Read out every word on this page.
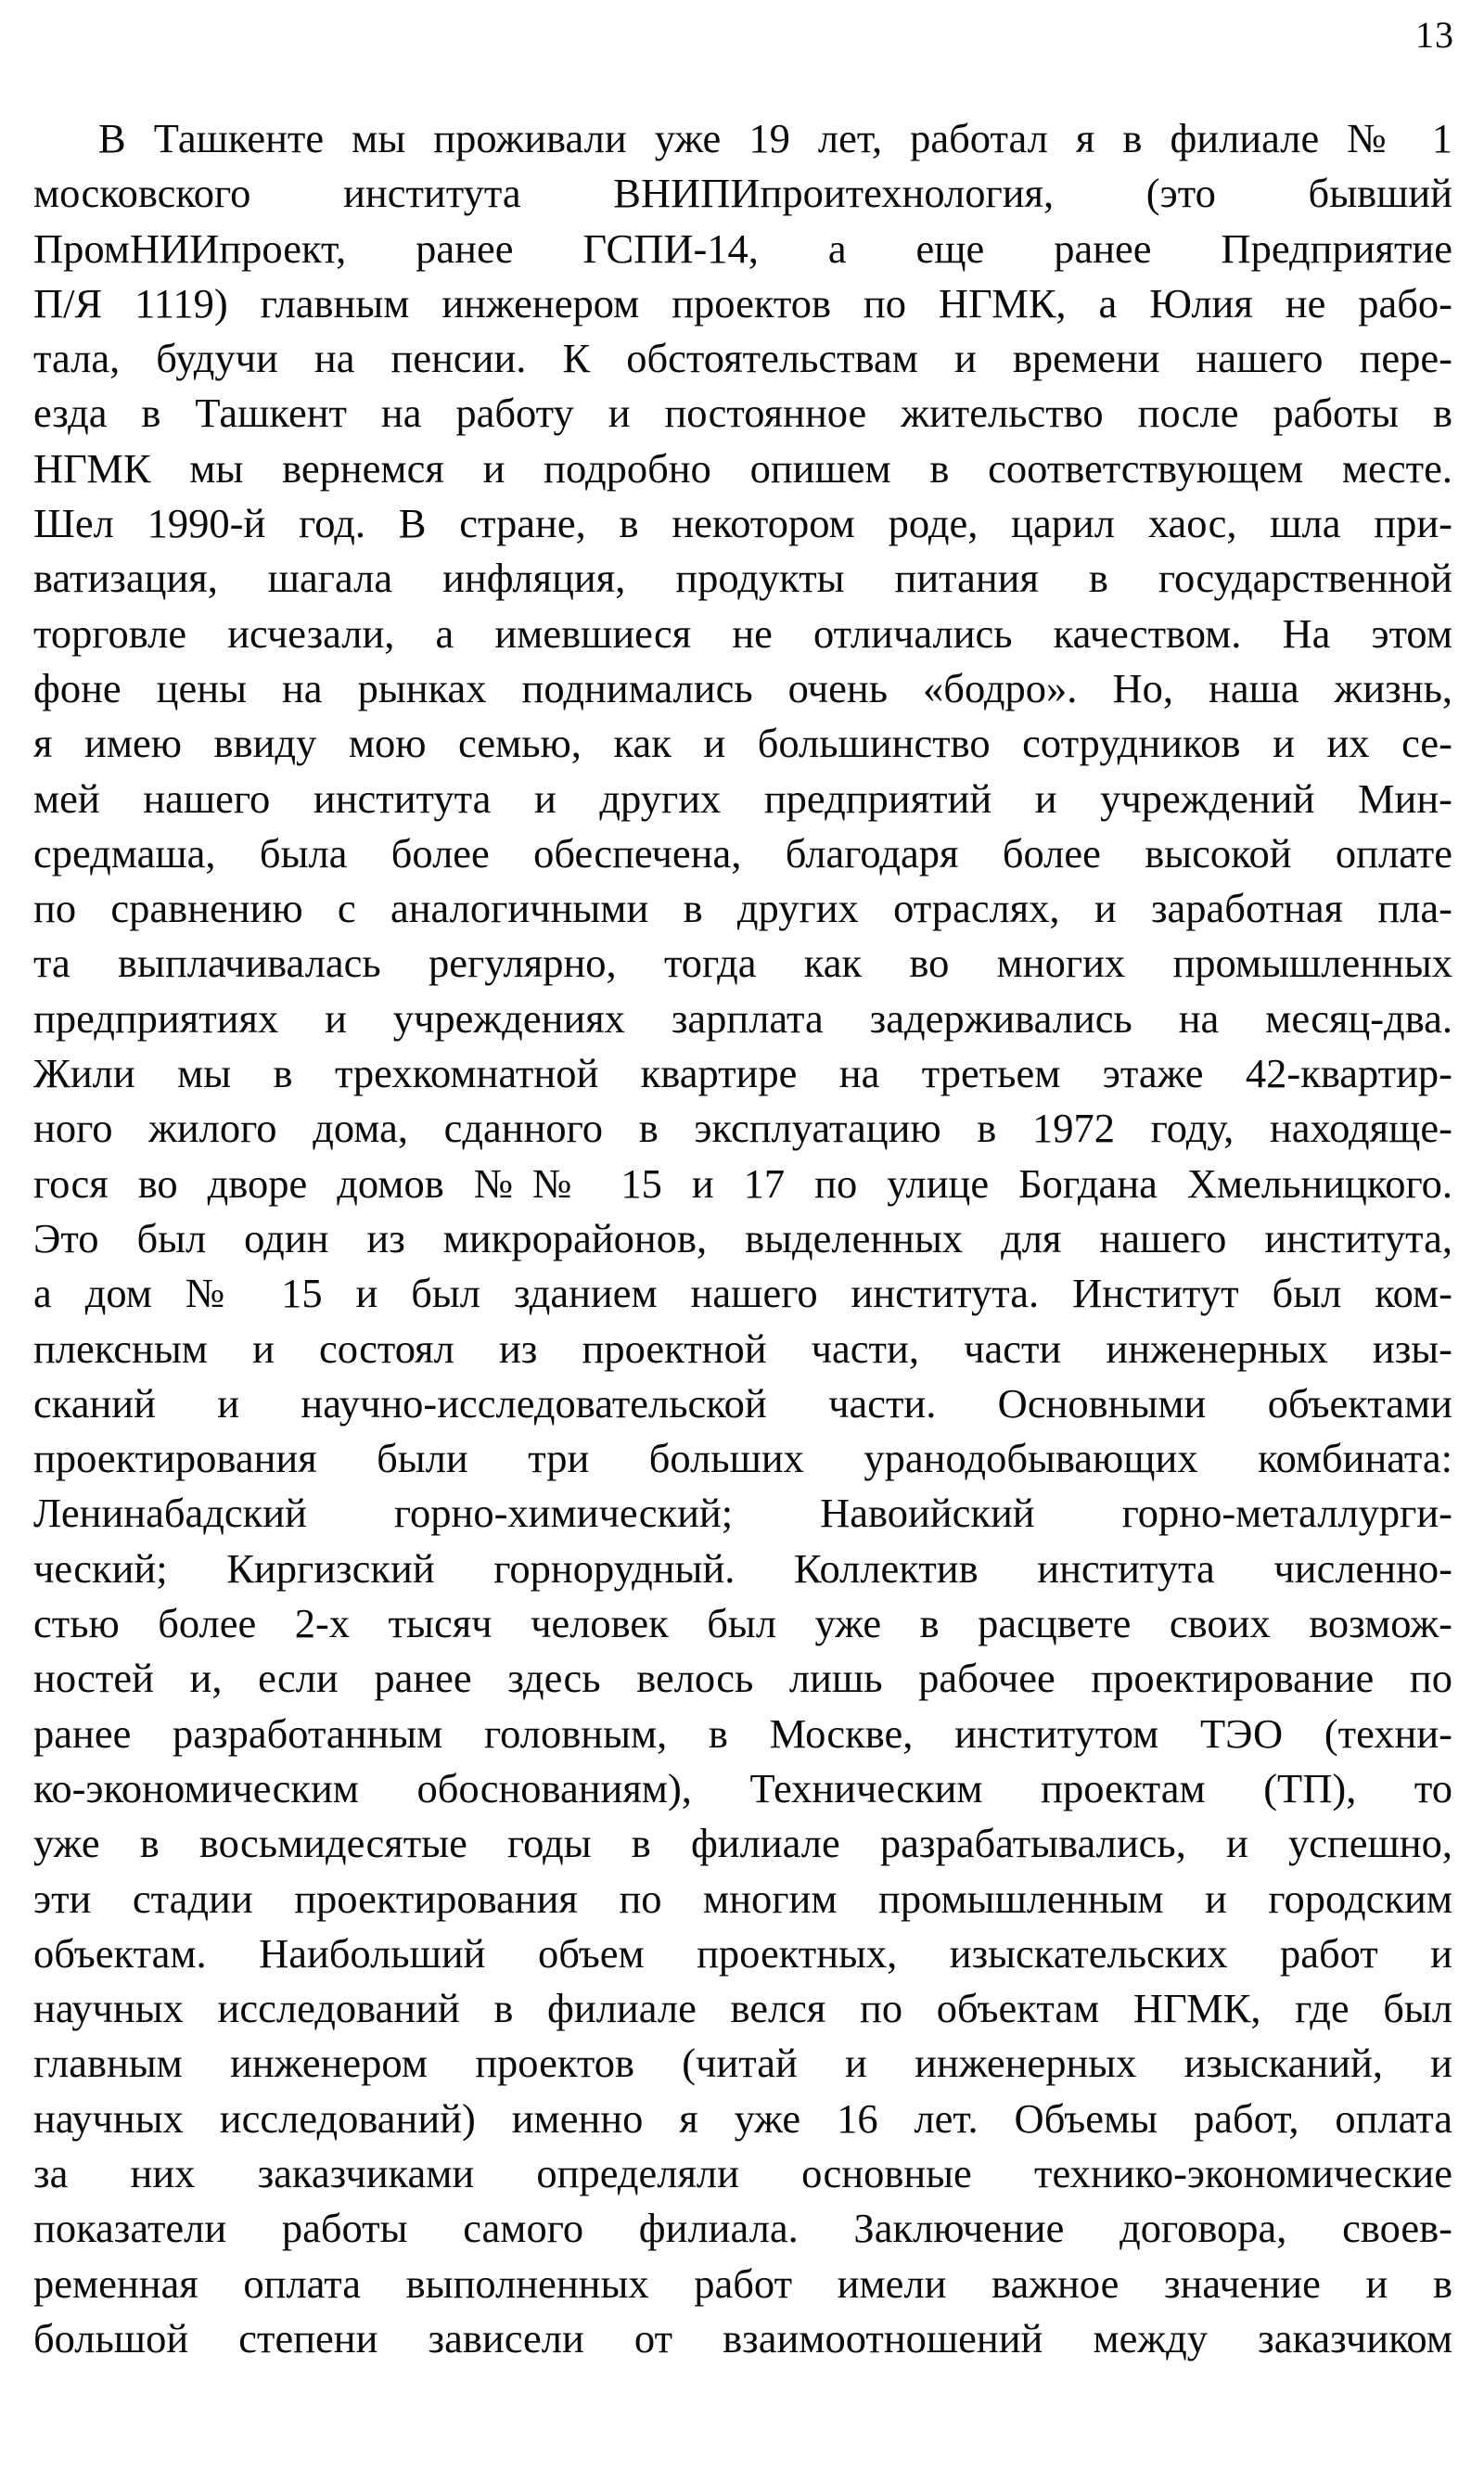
13
В Ташкенте мы проживали уже 19 лет, работал я в филиале № 1
московского института ВНИПИпроитехнология, (это бывший
ПромНИИпроект, ранее ГСПИ-14, а еще ранее Предприятие
П/Я 1119) главным инженером проектов по НГМК, а Юлия не рабо-
тала, будучи на пенсии. К обстоятельствам и времени нашего пере-
езда в Ташкент на работу и постоянное жительство после работы в
НГМК мы вернемся и подробно опишем в соответствующем месте.
Шел 1990-й год. В стране, в некотором роде, царил хаос, шла при-
ватизация, шагала инфляция, продукты питания в государственной
торговле исчезали, а имевшиеся не отличались качеством. На этом
фоне цены на рынках поднимались очень «бодро». Но, наша жизнь,
я имею ввиду мою семью, как и большинство сотрудников и их се-
мей нашего института и других предприятий и учреждений Мин-
средмаша, была более обеспечена, благодаря более высокой оплате
по сравнению с аналогичными в других отраслях, и заработная пла-
та выплачивалась регулярно, тогда как во многих промышленных
предприятиях и учреждениях зарплата задерживались на месяц-два.
Жили мы в трехкомнатной квартире на третьем этаже 42-квартир-
ного жилого дома, сданного в эксплуатацию в 1972 году, находяще-
гося во дворе домов №№ 15 и 17 по улице Богдана Хмельницкого.
Это был один из микрорайонов, выделенных для нашего института,
а дом № 15 и был зданием нашего института. Институт был ком-
плексным и состоял из проектной части, части инженерных изы-
сканий и научно-исследовательской части. Основными объектами
проектирования были три больших уранодобывающих комбината:
Ленинабадский горно-химический; Навоийский горно-металлурги-
ческий; Киргизский горнорудный. Коллектив института численно-
стью более 2-х тысяч человек был уже в расцвете своих возмож-
ностей и, если ранее здесь велось лишь рабочее проектирование по
ранее разработанным головным, в Москве, институтом ТЭО (техни-
ко-экономическим обоснованиям), Техническим проектам (ТП), то
уже в восьмидесятые годы в филиале разрабатывались, и успешно,
эти стадии проектирования по многим промышленным и городским
объектам. Наибольший объем проектных, изыскательских работ и
научных исследований в филиале велся по объектам НГМК, где был
главным инженером проектов (читай и инженерных изысканий, и
научных исследований) именно я уже 16 лет. Объемы работ, оплата
за них заказчиками определяли основные технико-экономические
показатели работы самого филиала. Заключение договора, своев-
ременная оплата выполненных работ имели важное значение и в
большой степени зависели от взаимоотношений между заказчиком
